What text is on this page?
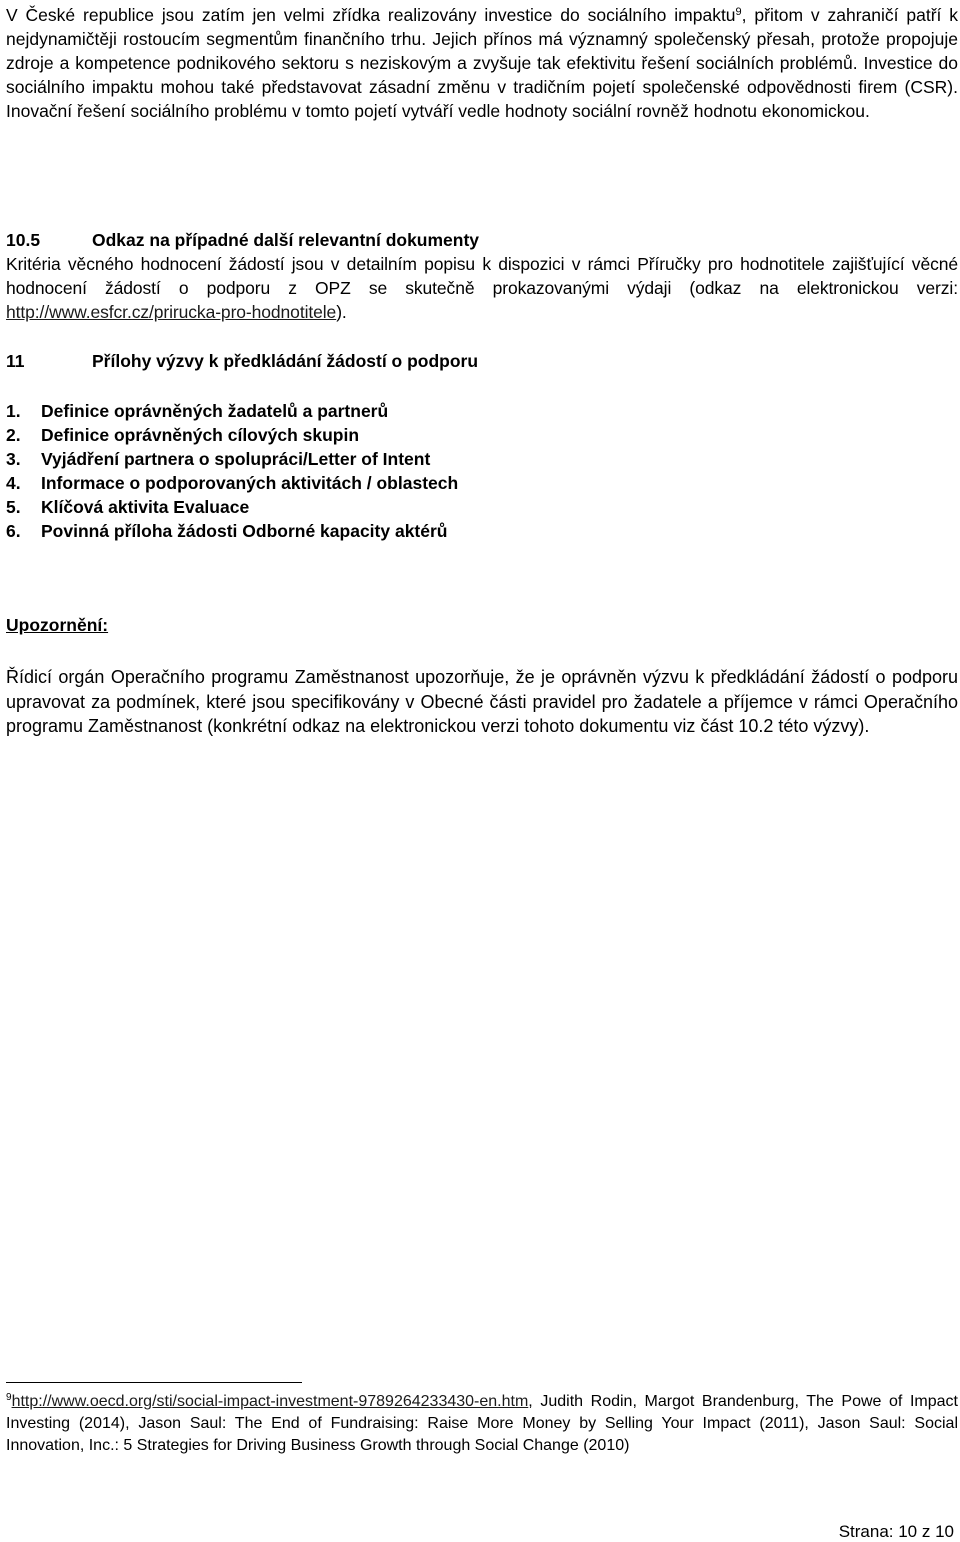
V České republice jsou zatím jen velmi zřídka realizovány investice do sociálního impaktu$^9$, přitom v zahraničí patří k nejdynamičtěji rostoucím segmentům finančního trhu. Jejich přínos má významný společenský přesah, protože propojuje zdroje a kompetence podnikového sektoru s neziskovým a zvyšuje tak efektivitu řešení sociálních problémů. Investice do sociálního impaktu mohou také představovat zásadní změnu v tradičním pojetí společenské odpovědnosti firem (CSR). Inovační řešení sociálního problému v tomto pojetí vytváří vedle hodnoty sociální rovněž hodnotu ekonomickou.

10.5	Odkaz na případné další relevantní dokumenty

Kritéria věcného hodnocení žádostí jsou v detailním popisu k dispozici v rámci Příručky pro hodnotitele zajišťující věcné hodnocení žádostí o podporu z OPZ se skutečně prokazovanými výdaji (odkaz na elektronickou verzi: http://www.esfcr.cz/prirucka-pro-hodnotitele).

11	Přílohy výzvy k předkládání žádostí o podporu
1. Definice oprávněných žadatelů a partnerů
2. Definice oprávněných cílových skupin
3. Vyjádření partnera o spolupráci/Letter of Intent
4. Informace o podporovaných aktivitách / oblastech
5. Klíčová aktivita Evaluace
6. Povinná příloha žádosti Odborné kapacity aktérů
Upozornění:

Řídicí orgán Operačního programu Zaměstnanost upozorňuje, že je oprávněn výzvu k předkládání žádostí o podporu upravovat za podmínek, které jsou specifikovány v Obecné části pravidel pro žadatele a příjemce v rámci Operačního programu Zaměstnanost (konkrétní odkaz na elektronickou verzi tohoto dokumentu viz část 10.2 této výzvy).

$^9$http://www.oecd.org/sti/social-impact-investment-9789264233430-en.htm, Judith Rodin, Margot Brandenburg, The Powe of Impact Investing (2014), Jason Saul: The End of Fundraising: Raise More Money by Selling Your Impact (2011), Jason Saul: Social Innovation, Inc.: 5 Strategies for Driving Business Growth through Social Change (2010)

Strana: 10 z 10
